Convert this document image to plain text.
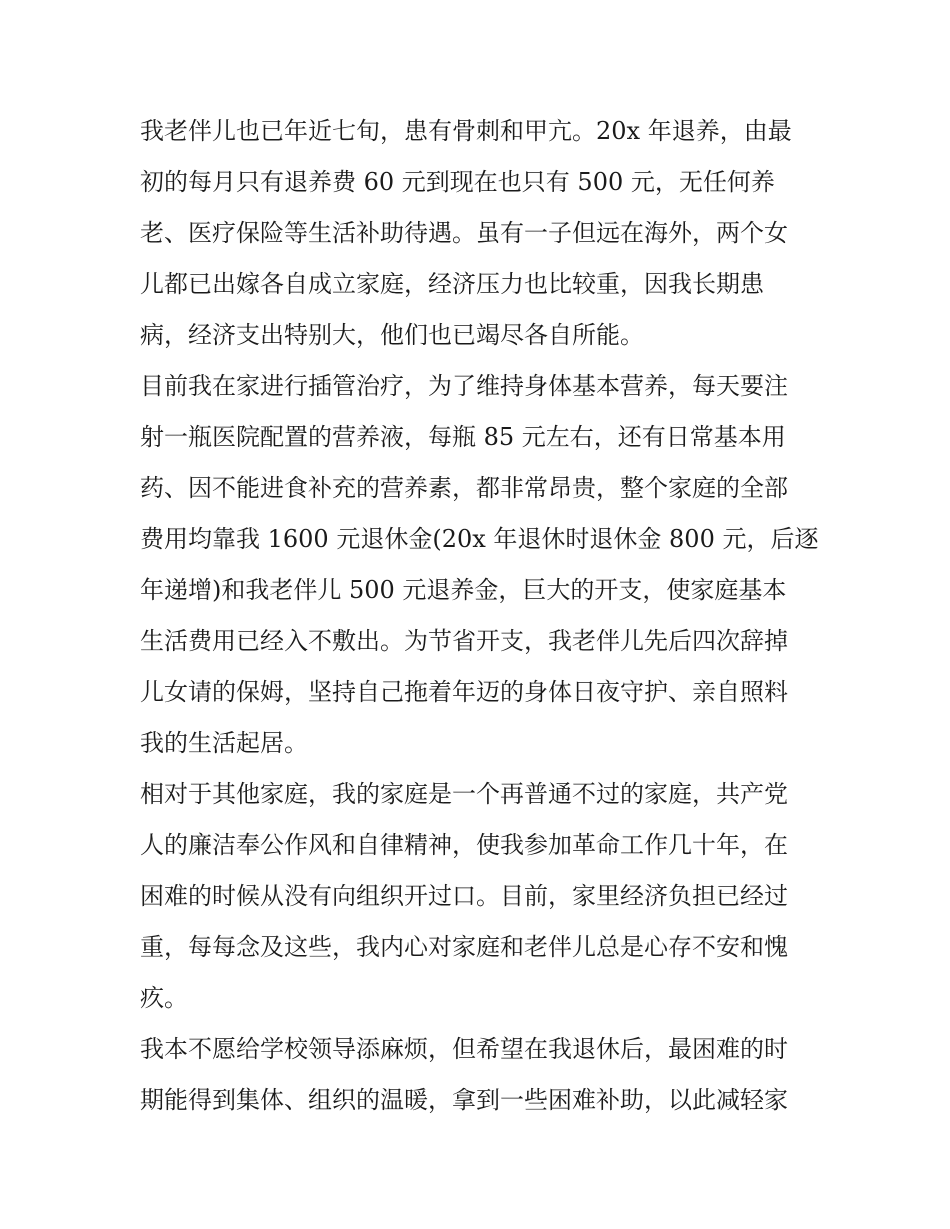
我老伴儿也已年近七旬，患有骨刺和甲亢。20x 年退养，由最
初的每月只有退养费 60 元到现在也只有 500 元，无任何养
老、医疗保险等生活补助待遇。虽有一子但远在海外，两个女
儿都已出嫁各自成立家庭，经济压力也比较重，因我长期患
病，经济支出特别大，他们也已竭尽各自所能。
目前我在家进行插管治疗，为了维持身体基本营养，每天要注
射一瓶医院配置的营养液，每瓶 85 元左右，还有日常基本用
药、因不能进食补充的营养素，都非常昂贵，整个家庭的全部
费用均靠我 1600 元退休金(20x 年退休时退休金 800 元，后逐
年递增)和我老伴儿 500 元退养金，巨大的开支，使家庭基本
生活费用已经入不敷出。为节省开支，我老伴儿先后四次辞掉
儿女请的保姆，坚持自己拖着年迈的身体日夜守护、亲自照料
我的生活起居。
相对于其他家庭，我的家庭是一个再普通不过的家庭，共产党
人的廉洁奉公作风和自律精神，使我参加革命工作几十年，在
困难的时候从没有向组织开过口。目前，家里经济负担已经过
重，每每念及这些，我内心对家庭和老伴儿总是心存不安和愧
疚。
我本不愿给学校领导添麻烦，但希望在我退休后，最困难的时
期能得到集体、组织的温暖，拿到一些困难补助，以此减轻家
